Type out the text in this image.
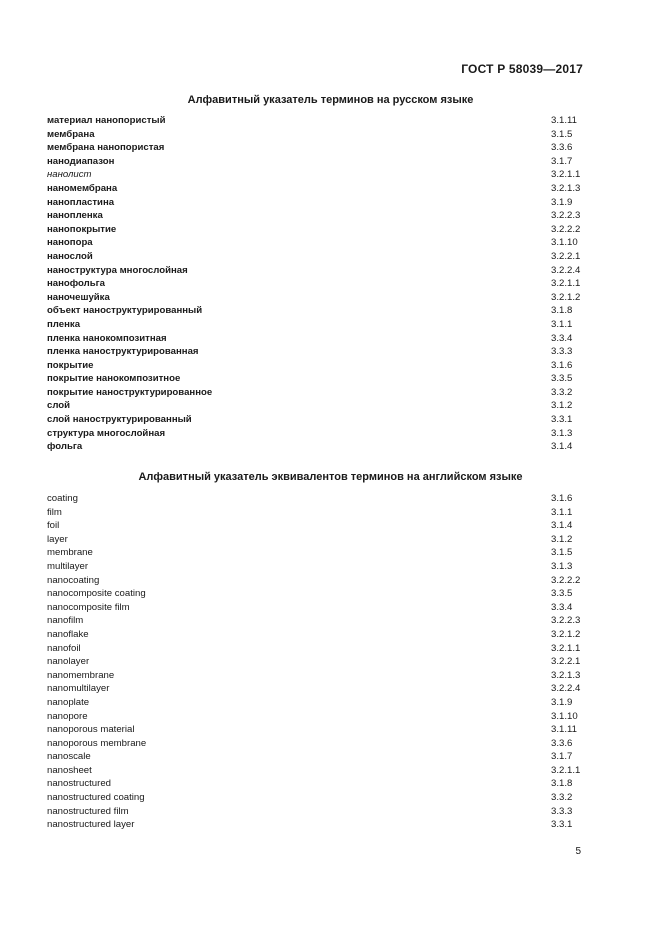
ГОСТ Р 58039—2017
Алфавитный указатель терминов на русском языке
материал нанопористый	3.1.11
мембрана	3.1.5
мембрана нанопористая	3.3.6
нанодиапазон	3.1.7
нанолист	3.2.1.1
наномембрана	3.2.1.3
нанопластина	3.1.9
нанопленка	3.2.2.3
нанопокрытие	3.2.2.2
нанопора	3.1.10
нанослой	3.2.2.1
наноструктура многослойная	3.2.2.4
нанофольга	3.2.1.1
наночешуйка	3.2.1.2
объект наноструктурированный	3.1.8
пленка	3.1.1
пленка нанокомпозитная	3.3.4
пленка наноструктурированная	3.3.3
покрытие	3.1.6
покрытие нанокомпозитное	3.3.5
покрытие наноструктурированное	3.3.2
слой	3.1.2
слой наноструктурированный	3.3.1
структура многослойная	3.1.3
фольга	3.1.4
Алфавитный указатель эквивалентов терминов на английском языке
coating	3.1.6
film	3.1.1
foil	3.1.4
layer	3.1.2
membrane	3.1.5
multilayer	3.1.3
nanocoating	3.2.2.2
nanocomposite coating	3.3.5
nanocomposite film	3.3.4
nanofilm	3.2.2.3
nanoflake	3.2.1.2
nanofoil	3.2.1.1
nanolayer	3.2.2.1
nanomembrane	3.2.1.3
nanomultilayer	3.2.2.4
nanoplate	3.1.9
nanopore	3.1.10
nanoporous material	3.1.11
nanoporous membrane	3.3.6
nanoscale	3.1.7
nanosheet	3.2.1.1
nanostructured	3.1.8
nanostructured coating	3.3.2
nanostructured film	3.3.3
nanostructured layer	3.3.1
5
